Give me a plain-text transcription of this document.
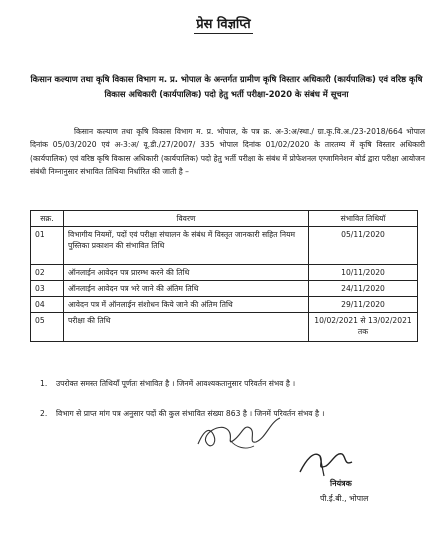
प्रेस विज्ञप्ति
किसान कल्याण तथा कृषि विकास विभाग म. प्र. भोपाल के अन्तर्गत ग्रामीण कृषि विस्तार अधिकारी (कार्यपालिक) एवं वरिष्ठ कृषि विकास अधिकारी (कार्यपालिक) पदो हेतु भर्ती परीक्षा-2020 के संबंध में सूचना
किसान कल्याण तथा कृषि विकास विभाग म. प्र. भोपाल, के पत्र क्र. अ-3:अ/स्था./ ग्रा.कृ.वि.अ./23-2018/664 भोपाल दिनांक 05/03/2020 एवं अ-3:अ/ वू.डी./27/2007/ 335 भोपाल दिनांक 01/02/2020 के तारतम्य में कृषि विस्तार अधिकारी (कार्यपालिक) एवं वरिष्ठ कृषि विकास अधिकारी (कार्यपालिक) पदो हेतु भर्ती परीक्षा के संबंध में प्रोफेशनल एग्जामिनेशन बोर्ड द्वारा परीक्षा आयोजन संबंधी निम्नानुसार संभावित तिथिया निर्धारित की जाती है –
सक्र.	विवरण	संभावित तिथियॉ
01	विभागीय नियमों, पदों एवं परीक्षा संचालन के संबंध में विस्तृत जानकारी सहित नियम पुस्तिका प्रकाशन की संभावित तिथि	05/11/2020
02	ऑनलाईन आवेदन पत्र प्रारम्भ करने की तिथि	10/11/2020
03	ऑनलाईन आवेदन पत्र भरे जाने की अंतिम तिथि	24/11/2020
04	आवेदन पत्र में ऑनलाईन संशोधन किये जाने की अंतिम तिथि	29/11/2020
05	परीक्षा की तिथि	10/02/2021 से 13/02/2021 तक
1. उपरोक्त समस्त तिथियॉं पूर्णतः संभावित है । जिनमें आवश्यकतानुसार परिवर्तन संभव है ।
2. विभाग से प्राप्त मांग पत्र अनुसार पदों की कुल संभावित संख्या 863 है । जिनमें परिवर्तन संभव है ।
नियंत्रक
पी.ई.बी., भोपाल
